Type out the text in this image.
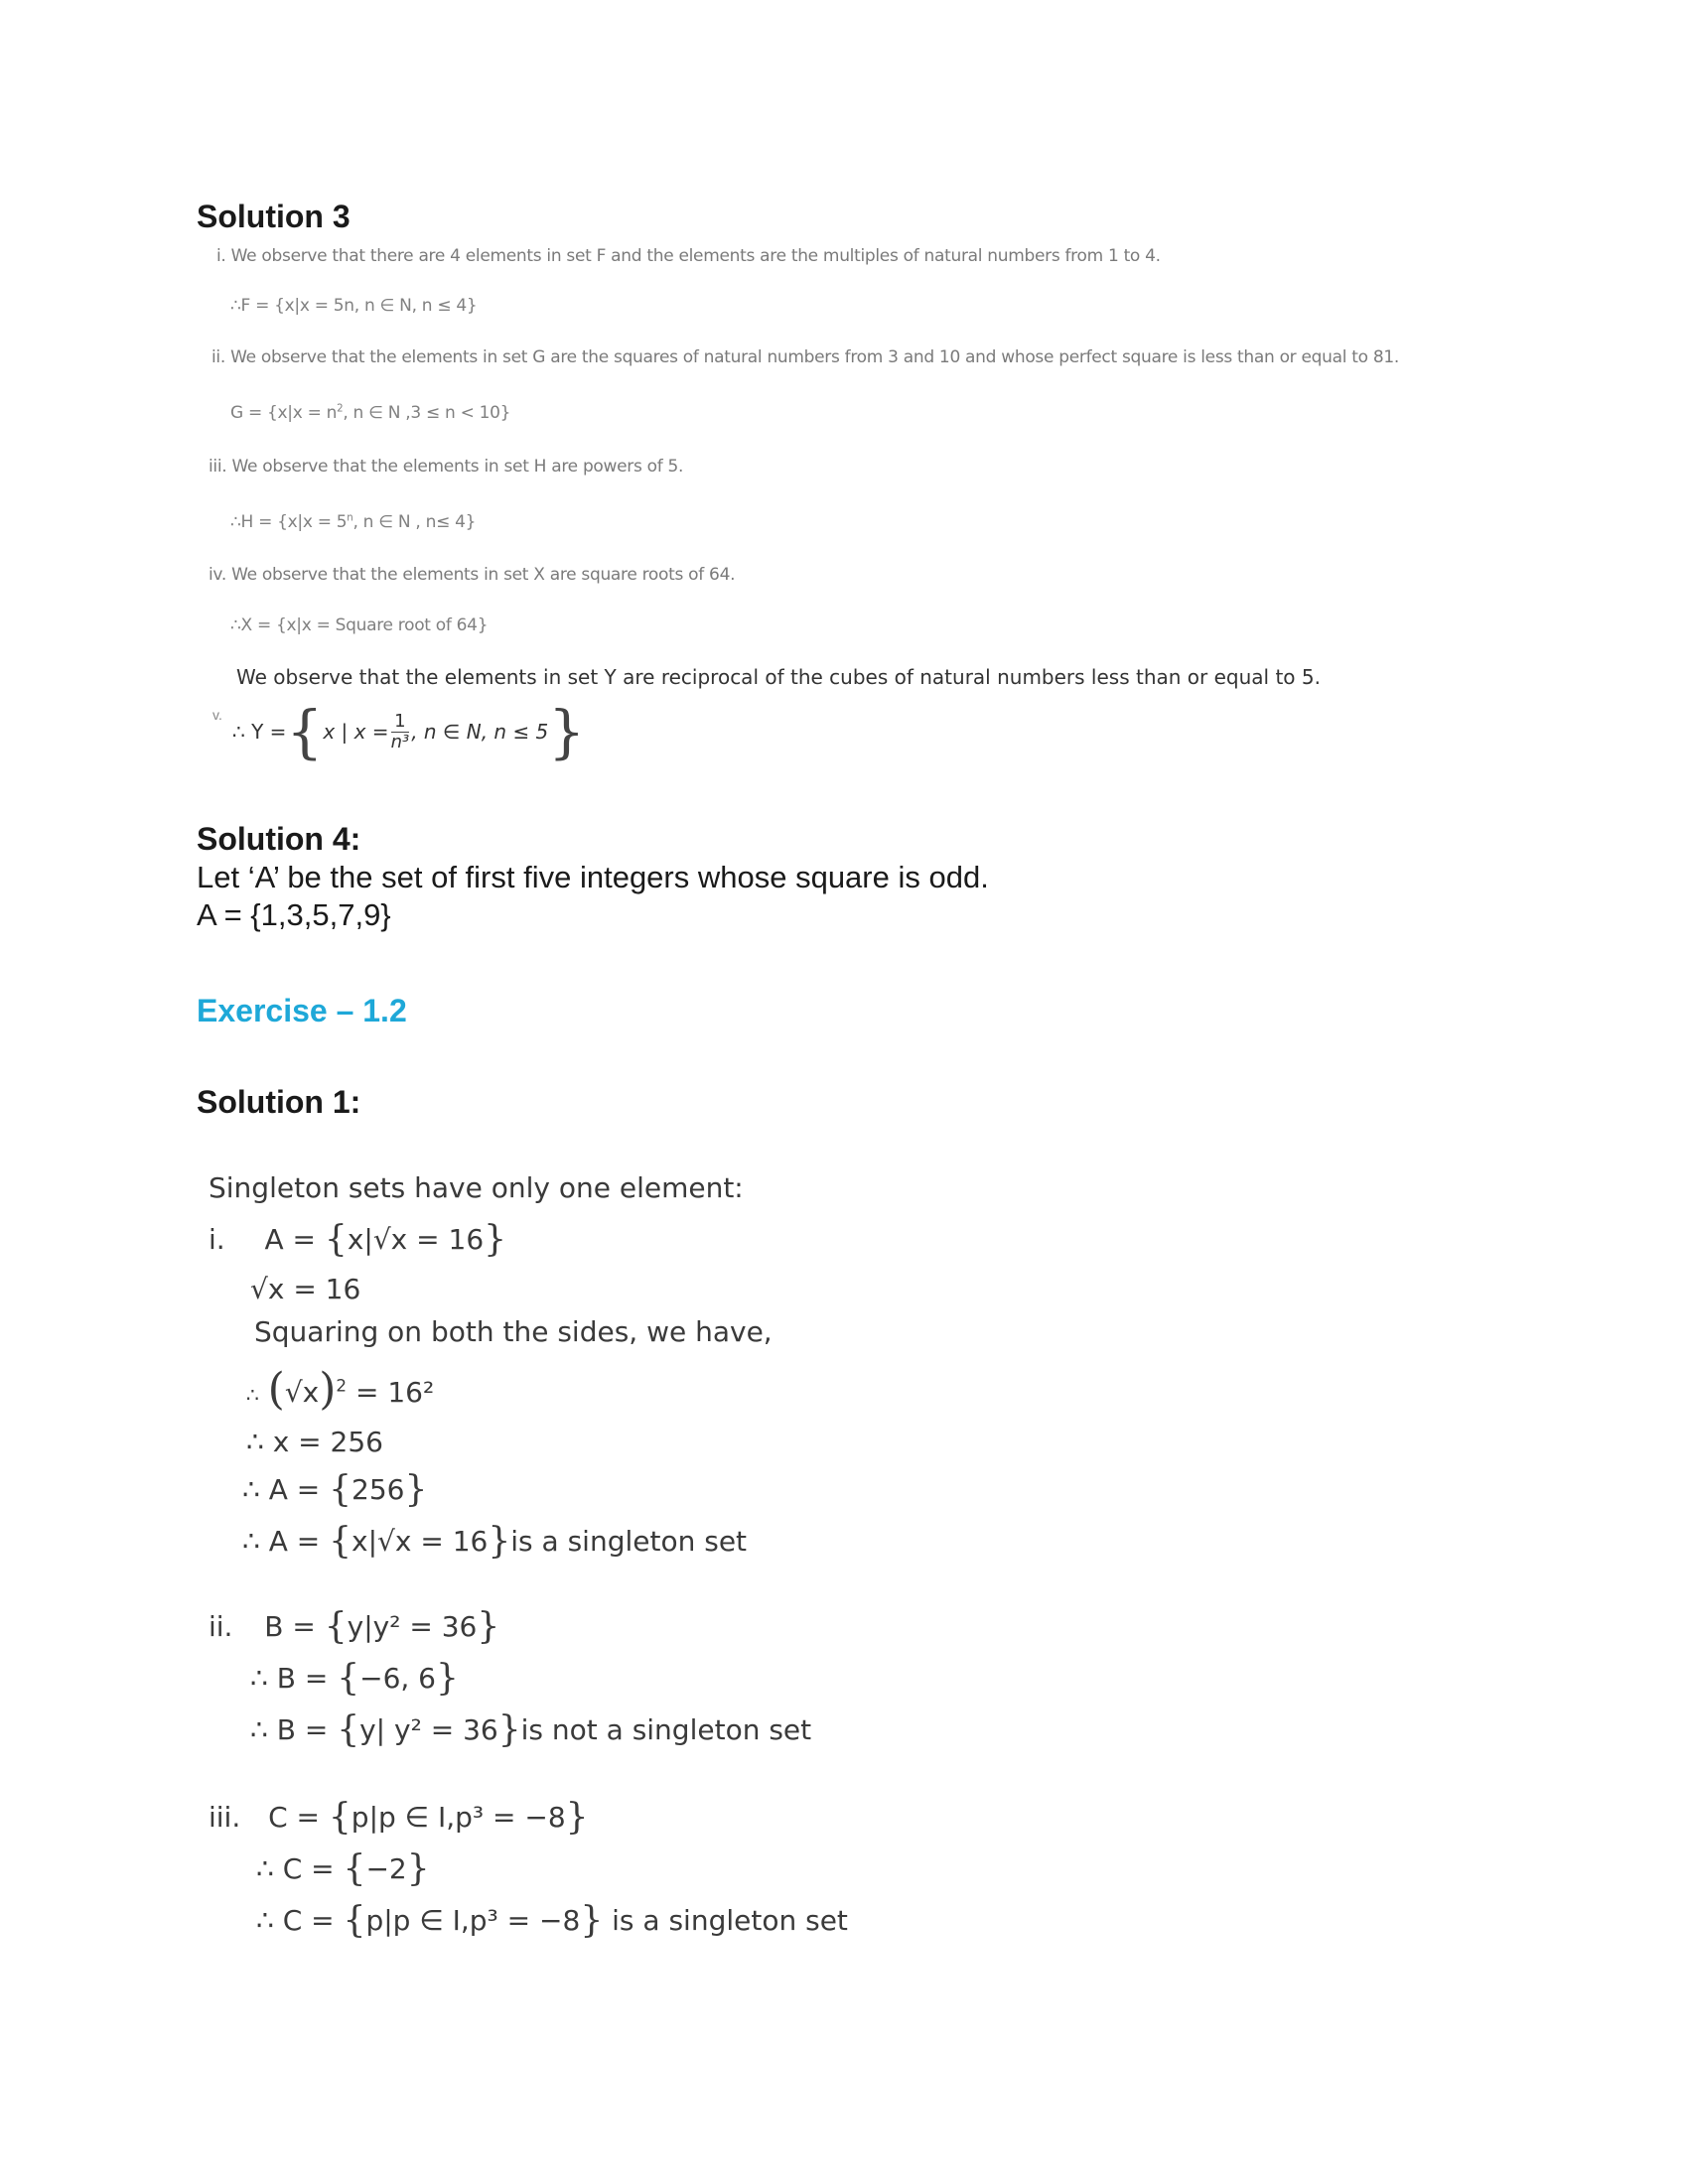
Solution 3
i. We observe that there are 4 elements in set F and the elements are the multiples of natural numbers from 1 to 4.
∴F = {x|x = 5n, n ∈ N, n ≤ 4}
ii. We observe that the elements in set G are the squares of natural numbers from 3 and 10 and whose perfect square is less than or equal to 81.
$G = \{x|x = n^2$, n ∈ N ,3 ≤ n < 10}
iii. We observe that the elements in set H are powers of 5.
∴H = {$x|x = 5^n$, n ∈ N , n≤ 4}
iv. We observe that the elements in set X are square roots of 64.
∴X = {x|x = Square root of 64}
We observe that the elements in set Y are reciprocal of the cubes of natural numbers less than or equal to 5.
v.
∴ Y = { x | $x = \frac{1}{\text{n³}}$ , n ∈ N, n ≤ 5 }
Solution 4:
Let ‘A’ be the set of first five integers whose square is odd.
A = {1,3,5,7,9}
Exercise – 1.2
Solution 1:
Singleton sets have only one element:
i. A = {x|√x = 16}
√x = 16
Squaring on both the sides, we have,
∴ $(√x)^2 = 16^2$
∴ x = 256
∴ A = {256}
∴ A = {x|√x = 16}is a singleton set
ii. B = {y|y² = 36}
∴ B = {−6, 6}
∴ B = {y| y² = 36}is not a singleton set
iii. C = {p|p ∈ I,p³ = −8}
∴ C = {−2}
∴ C = {p|p ∈ I,p³ = −8} is a singleton set
